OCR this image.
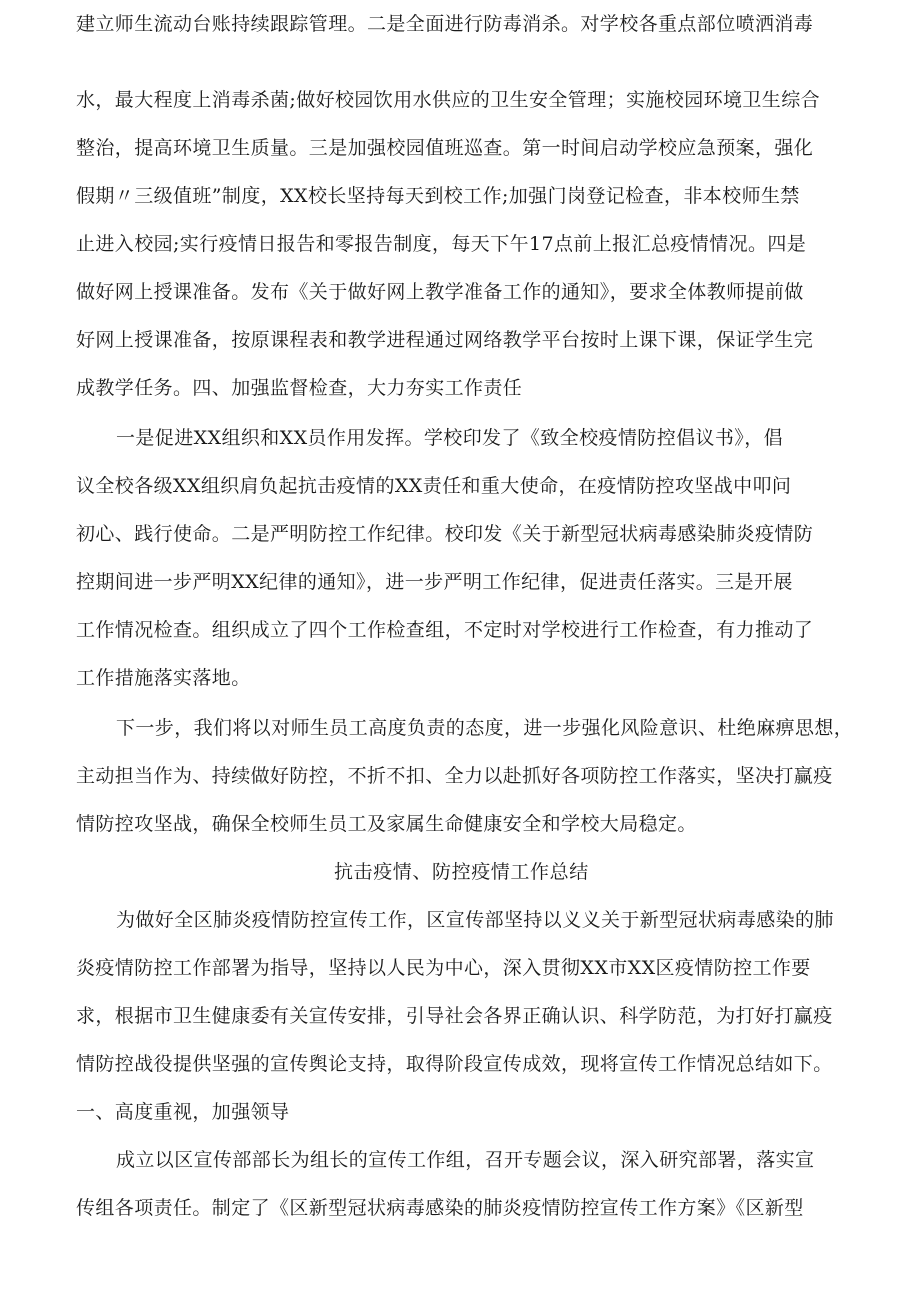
建立师生流动台账持续跟踪管理。二是全面进行防毒消杀。对学校各重点部位喷洒消毒
水，最大程度上消毒杀菌;做好校园饮用水供应的卫生安全管理；实施校园环境卫生综合
整治，提高环境卫生质量。三是加强校园值班巡查。第一时间启动学校应急预案，强化
假期〃三级值班”制度，XX校长坚持每天到校工作;加强门岗登记检查，非本校师生禁
止进入校园;实行疫情日报告和零报告制度，每天下午17点前上报汇总疫情情况。四是
做好网上授课准备。发布《关于做好网上教学准备工作的通知》，要求全体教师提前做
好网上授课准备，按原课程表和教学进程通过网络教学平台按时上课下课，保证学生完
成教学任务。四、加强监督检查，大力夯实工作责任
一是促进XX组织和XX员作用发挥。学校印发了《致全校疫情防控倡议书》，倡
议全校各级XX组织肩负起抗击疫情的XX责任和重大使命，在疫情防控攻坚战中叩问
初心、践行使命。二是严明防控工作纪律。校印发《关于新型冠状病毒感染肺炎疫情防
控期间进一步严明XX纪律的通知》，进一步严明工作纪律，促进责任落实。三是开展
工作情况检查。组织成立了四个工作检查组，不定时对学校进行工作检查，有力推动了
工作措施落实落地。
下一步，我们将以对师生员工高度负责的态度，进一步强化风险意识、杜绝麻痹思想，
主动担当作为、持续做好防控，不折不扣、全力以赴抓好各项防控工作落实，坚决打赢疫
情防控攻坚战，确保全校师生员工及家属生命健康安全和学校大局稳定。
抗击疫情、防控疫情工作总结
为做好全区肺炎疫情防控宣传工作，区宣传部坚持以义义关于新型冠状病毒感染的肺
炎疫情防控工作部署为指导，坚持以人民为中心，深入贯彻XX市XX区疫情防控工作要
求，根据市卫生健康委有关宣传安排，引导社会各界正确认识、科学防范，为打好打赢疫
情防控战役提供坚强的宣传舆论支持，取得阶段宣传成效，现将宣传工作情况总结如下。
一、高度重视，加强领导
成立以区宣传部部长为组长的宣传工作组，召开专题会议，深入研究部署，落实宣
传组各项责任。制定了《区新型冠状病毒感染的肺炎疫情防控宣传工作方案》《区新型
